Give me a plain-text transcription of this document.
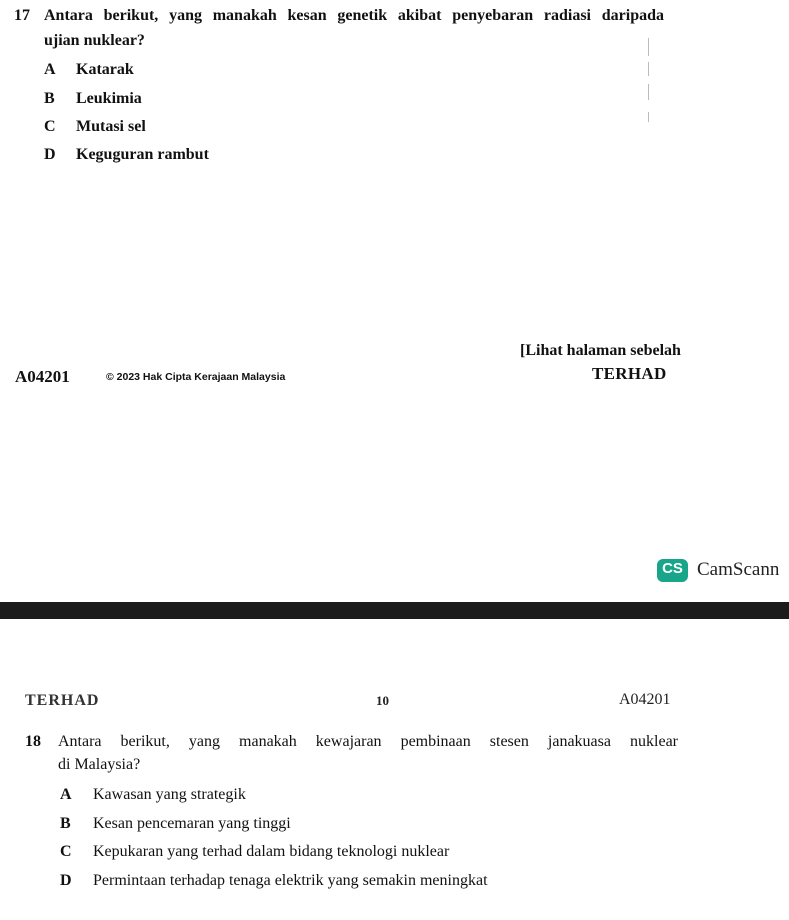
17 Antara berikut, yang manakah kesan genetik akibat penyebaran radiasi daripada
ujian nuklear?
A Katarak
B Leukimia
C Mutasi sel
D Keguguran rambut
[Lihat halaman sebelah
A04201	© 2023 Hak Cipta Kerajaan Malaysia	TERHAD
CS CamScann
TERHAD	10	A04201
18 Antara berikut, yang manakah kewajaran pembinaan stesen janakuasa nuklear
di Malaysia?
A Kawasan yang strategik
B Kesan pencemaran yang tinggi
C Kepukaran yang terhad dalam bidang teknologi nuklear
D Permintaan terhadap tenaga elektrik yang semakin meningkat
